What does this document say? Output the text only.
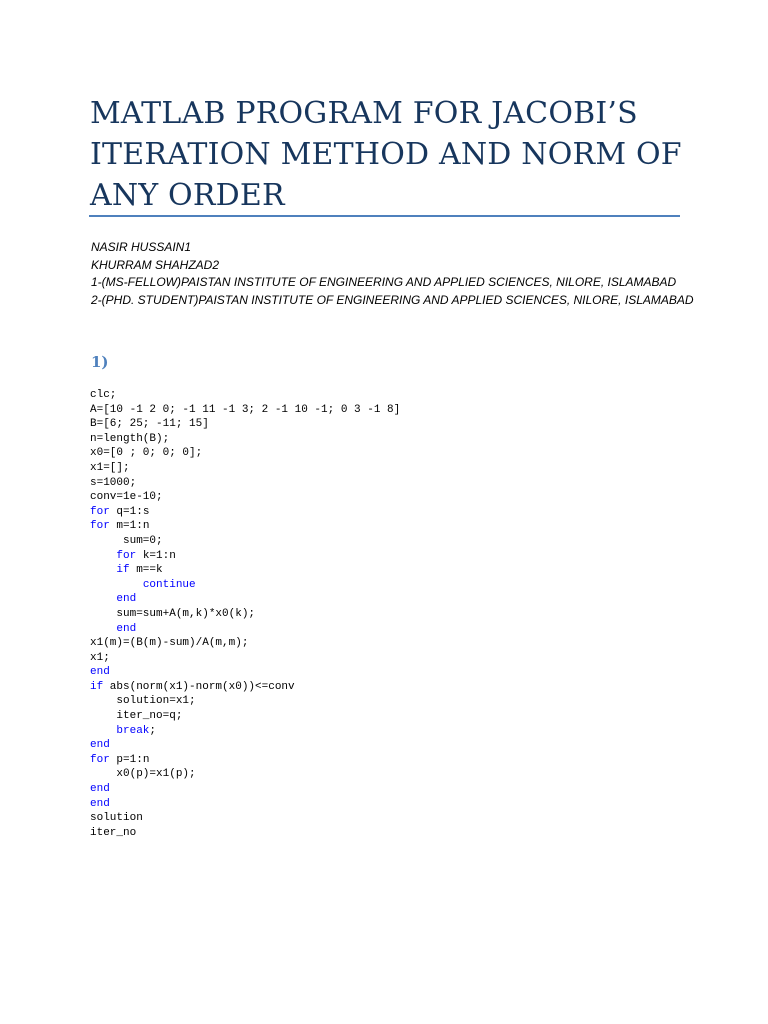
MATLAB PROGRAM FOR JACOBI’S ITERATION METHOD AND NORM OF ANY ORDER
NASIR HUSSAIN1
KHURRAM SHAHZAD2
1-(MS-FELLOW)PAISTAN INSTITUTE OF ENGINEERING AND APPLIED SCIENCES, NILORE, ISLAMABAD
2-(PHD. STUDENT)PAISTAN INSTITUTE OF ENGINEERING AND APPLIED SCIENCES, NILORE, ISLAMABAD
1)
clc;
A=[10 -1 2 0; -1 11 -1 3; 2 -1 10 -1; 0 3 -1 8]
B=[6; 25; -11; 15]
n=length(B);
x0=[0 ; 0; 0; 0];
x1=[];
s=1000;
conv=1e-10;
for q=1:s
for m=1:n
sum=0;
for k=1:n
if m==k
continue
end
sum=sum+A(m,k)*x0(k);
end
x1(m)=(B(m)-sum)/A(m,m);
x1;
end
if abs(norm(x1)-norm(x0))<=conv
solution=x1;
iter_no=q;
break;
end
for p=1:n
x0(p)=x1(p);
end
end
solution
iter_no
